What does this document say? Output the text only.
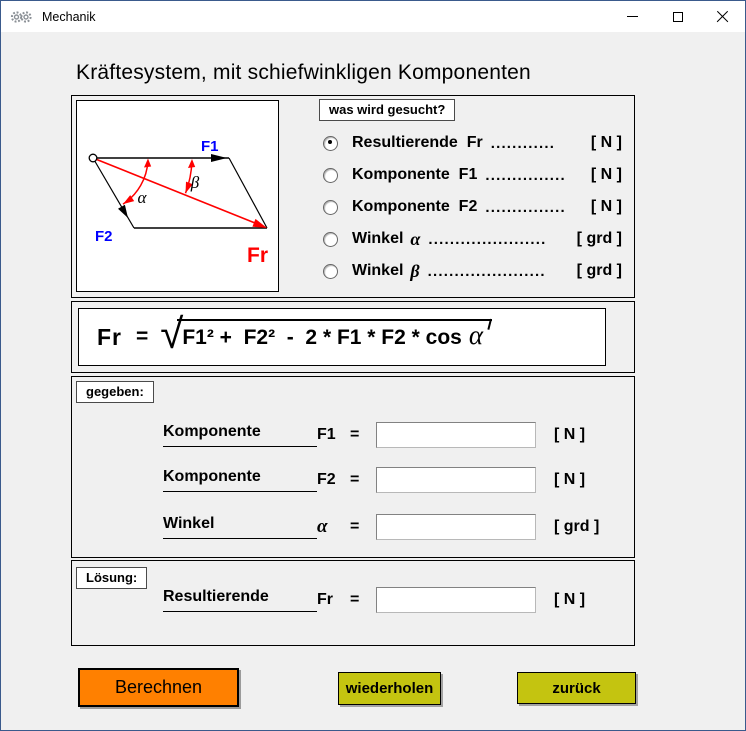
Mechanik
Kräftesystem, mit schiefwinkligen Komponenten
F1
F2
Fr
α
β
was wird gesucht?
Resultierende  Fr ............ [ N ]
Komponente  F1 ............... [ N ]
Komponente  F2 ............... [ N ]
Winkel α ...................... [ grd ]
Winkel β ...................... [ grd ]
Fr = √ F1² +  F2²  -  2 * F1 * F2 * cos α
gegeben:
Komponente	F1 =	[ N ]
Komponente	F2 =	[ N ]
Winkel	α	=	[ grd ]
Lösung:
Resultierende	Fr	=	[ N ]
Berechnen	wiederholen	zurück
